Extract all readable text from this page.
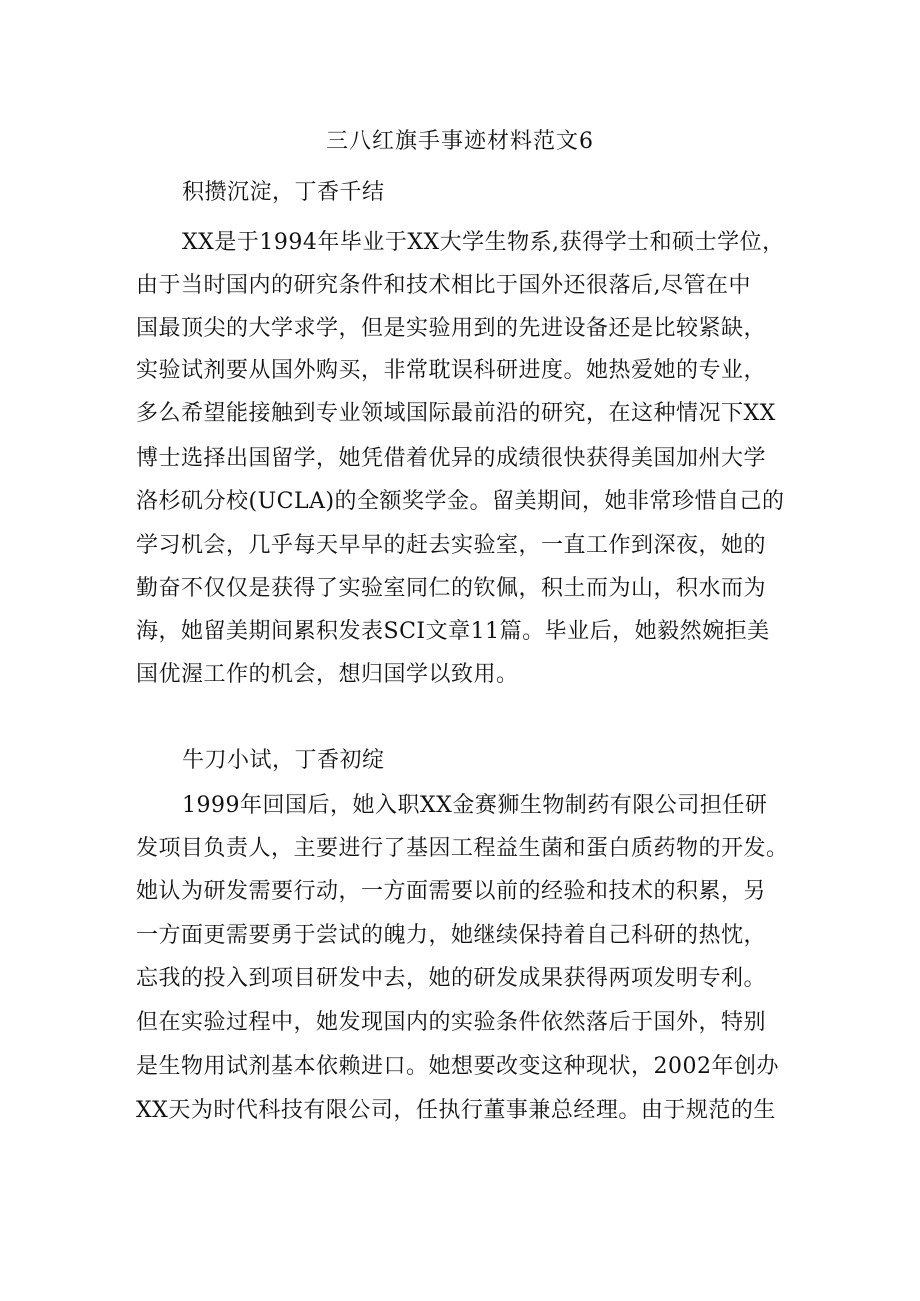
三八红旗手事迹材料范文6
积攒沉淀，丁香千结
XX是于1994年毕业于XX大学生物系,获得学士和硕士学位，
由于当时国内的研究条件和技术相比于国外还很落后,尽管在中
国最顶尖的大学求学，但是实验用到的先进设备还是比较紧缺，
实验试剂要从国外购买，非常耽误科研进度。她热爱她的专业，
多么希望能接触到专业领域国际最前沿的研究，在这种情况下XX
博士选择出国留学，她凭借着优异的成绩很快获得美国加州大学
洛杉矶分校(UCLA)的全额奖学金。留美期间，她非常珍惜自己的
学习机会，几乎每天早早的赶去实验室，一直工作到深夜，她的
勤奋不仅仅是获得了实验室同仁的钦佩，积土而为山，积水而为
海，她留美期间累积发表SCI文章11篇。毕业后，她毅然婉拒美
国优渥工作的机会，想归国学以致用。
牛刀小试，丁香初绽
1999年回国后，她入职XX金赛狮生物制药有限公司担任研
发项目负责人，主要进行了基因工程益生菌和蛋白质药物的开发。
她认为研发需要行动，一方面需要以前的经验和技术的积累，另
一方面更需要勇于尝试的魄力，她继续保持着自己科研的热忱，
忘我的投入到项目研发中去，她的研发成果获得两项发明专利。
但在实验过程中，她发现国内的实验条件依然落后于国外，特别
是生物用试剂基本依赖进口。她想要改变这种现状，2002年创办
XX天为时代科技有限公司，任执行董事兼总经理。由于规范的生
